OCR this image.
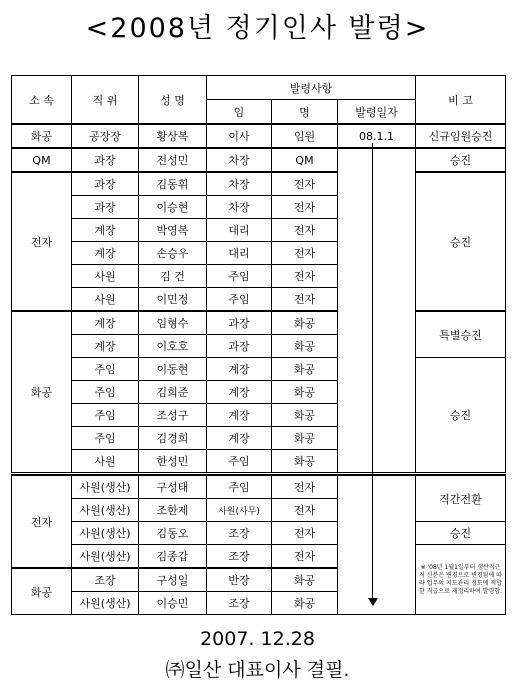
<2008년 정기인사 발령>
소 속	직 위	성 명	발령사항			비 고
			임	명	발령일자	
화공	공장장	황상복	이사	임원	08.1.1	신규임원승진
QM	과장	전성민	차장	QM		승진
전자	과장	김동휘	차장	전자		승진
	과장	이승현	차장	전자		
	계장	박영복	대리	전자		
	계장	손승우	대리	전자		
	사원	김 건	주임	전자		
	사원	이민정	주임	전자		
화공	계장	임형수	과장	화공		특별승진
	계장	이호호	과장	화공		
	주임	이동현	계장	화공		승진
	주임	김희준	계장	화공		
	주임	조성구	계장	화공		
	주임	김경희	계장	화공		
	사원	한성민	주임	화공		
전자	사원(생산)	구성태	주임	전자		직간전환
	사원(생산)	조한제	사원(사무)	전자		
	사원(생산)	김동오	조장	전자		승진
	사원(생산)	김종갑	조장	전자		※ '08년 1월1일부터 생산직근직 신분은 변경으로 변경됨에 따라 업무의 지도관리 정도에 적합한 직급으로 재정리하여 발령함.
화공	조장	구성일	반장	화공		
	사원(생산)	이승민	조장	화공		
2007. 12.28
㈜일산 대표이사 결필.
